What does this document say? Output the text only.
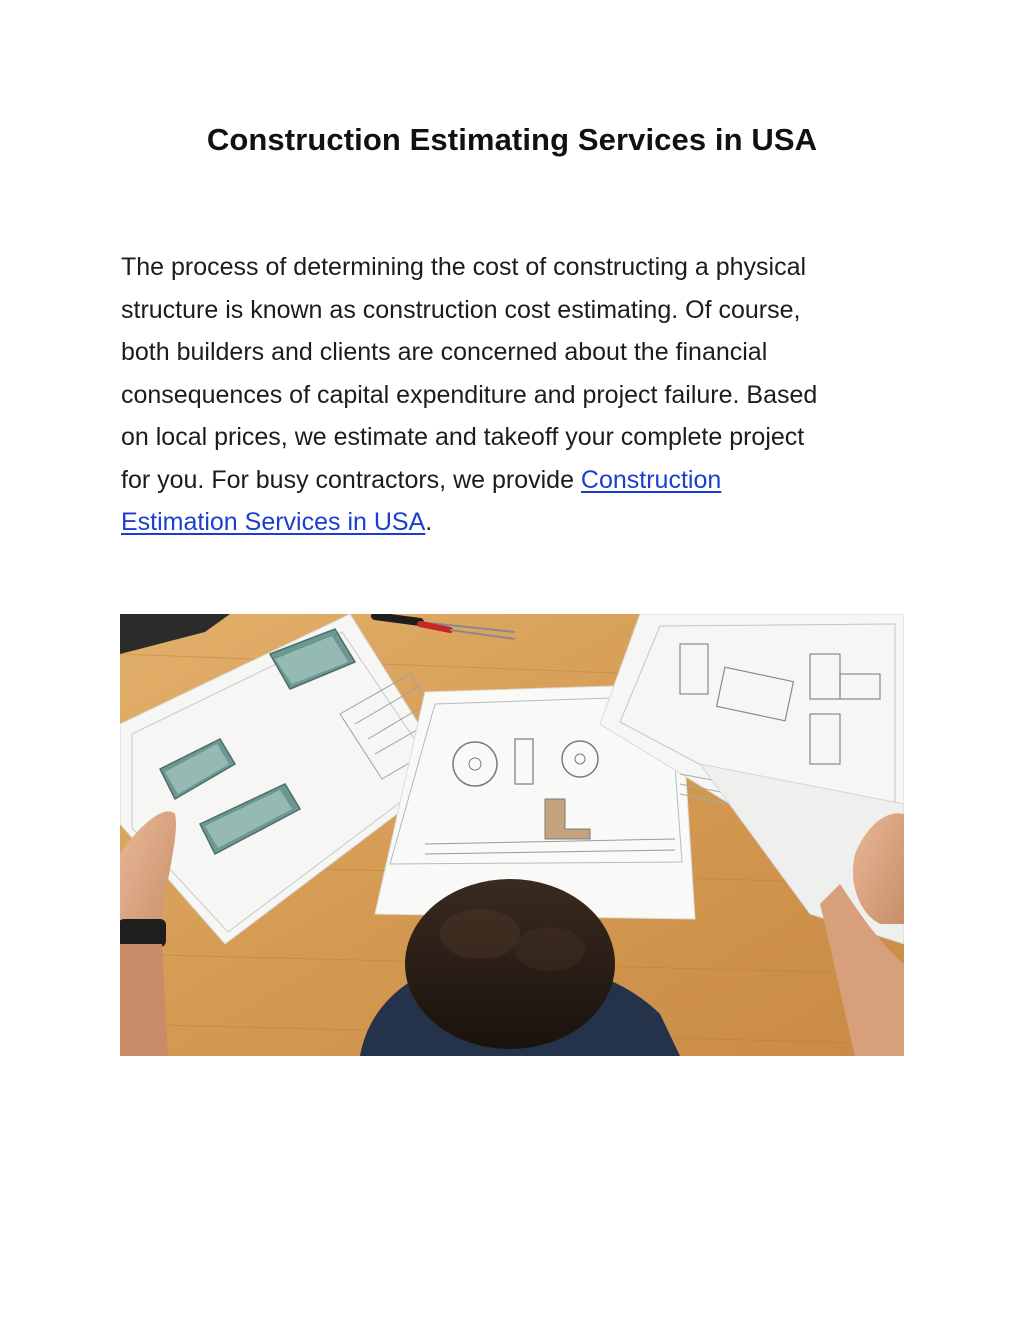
Construction Estimating Services in USA

The process of determining the cost of constructing a physical
structure is known as construction cost estimating. Of course,
both builders and clients are concerned about the financial
consequences of capital expenditure and project failure. Based
on local prices, we estimate and takeoff your complete project
for you. For busy contractors, we provide Construction
Estimation Services in USA.
